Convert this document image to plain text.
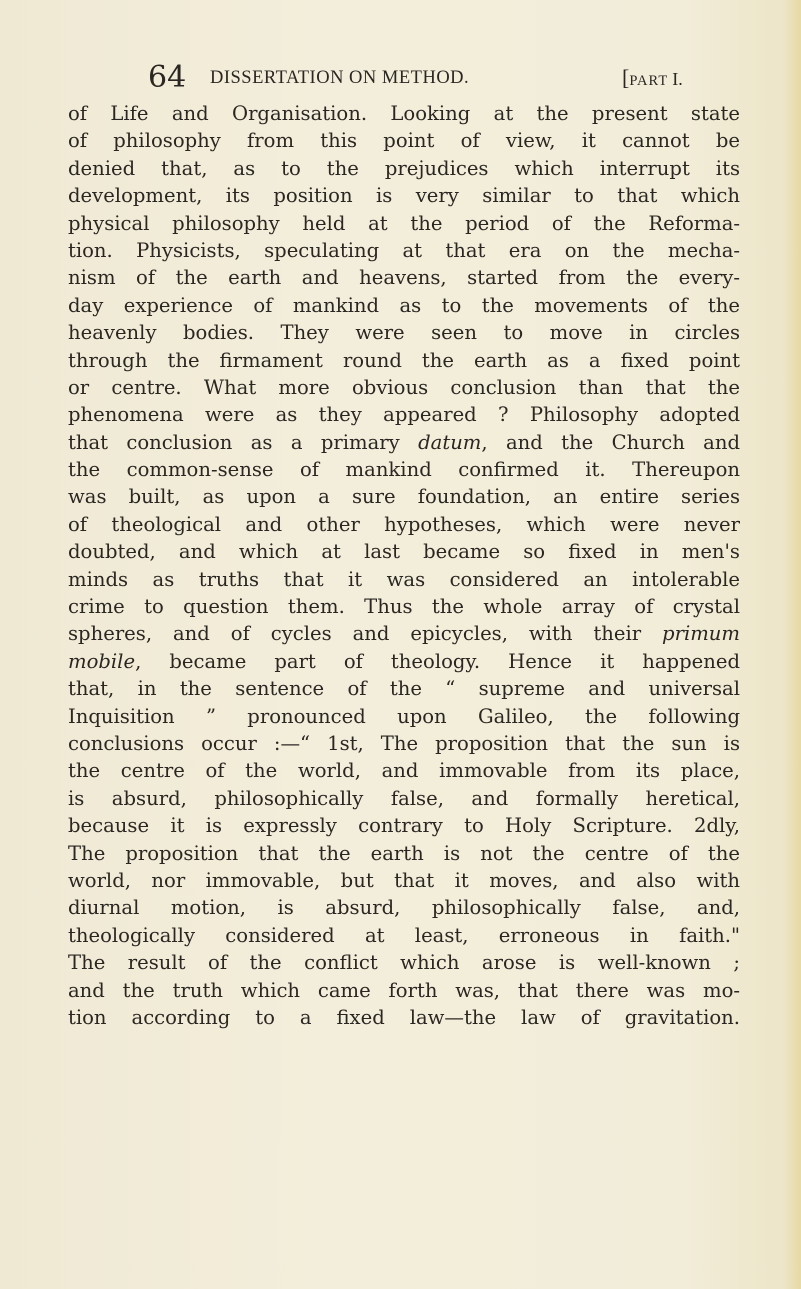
64 DISSERTATION ON METHOD.	[PART I.
of Life and Organisation. Looking at the present state
of philosophy from this point of view, it cannot be
denied that, as to the prejudices which interrupt its
development, its position is very similar to that which
physical philosophy held at the period of the Reforma-
tion. Physicists, speculating at that era on the mecha-
nism of the earth and heavens, started from the every-
day experience of mankind as to the movements of the
heavenly bodies. They were seen to move in circles
through the firmament round the earth as a fixed point
or centre. What more obvious conclusion than that the
phenomena were as they appeared ? Philosophy adopted
that conclusion as a primary datum, and the Church and
the common-sense of mankind confirmed it. Thereupon
was built, as upon a sure foundation, an entire series
of theological and other hypotheses, which were never
doubted, and which at last became so fixed in men's
minds as truths that it was considered an intolerable
crime to question them. Thus the whole array of crystal
spheres, and of cycles and epicycles, with their primum
mobile, became part of theology. Hence it happened
that, in the sentence of the “ supreme and universal
Inquisition ” pronounced upon Galileo, the following
conclusions occur :—“ 1st, The proposition that the sun is
the centre of the world, and immovable from its place,
is absurd, philosophically false, and formally heretical,
because it is expressly contrary to Holy Scripture. 2dly,
The proposition that the earth is not the centre of the
world, nor immovable, but that it moves, and also with
diurnal motion, is absurd, philosophically false, and,
theologically considered at least, erroneous in faith."
The result of the conflict which arose is well-known ;
and the truth which came forth was, that there was mo-
tion according to a fixed law—the law of gravitation.
